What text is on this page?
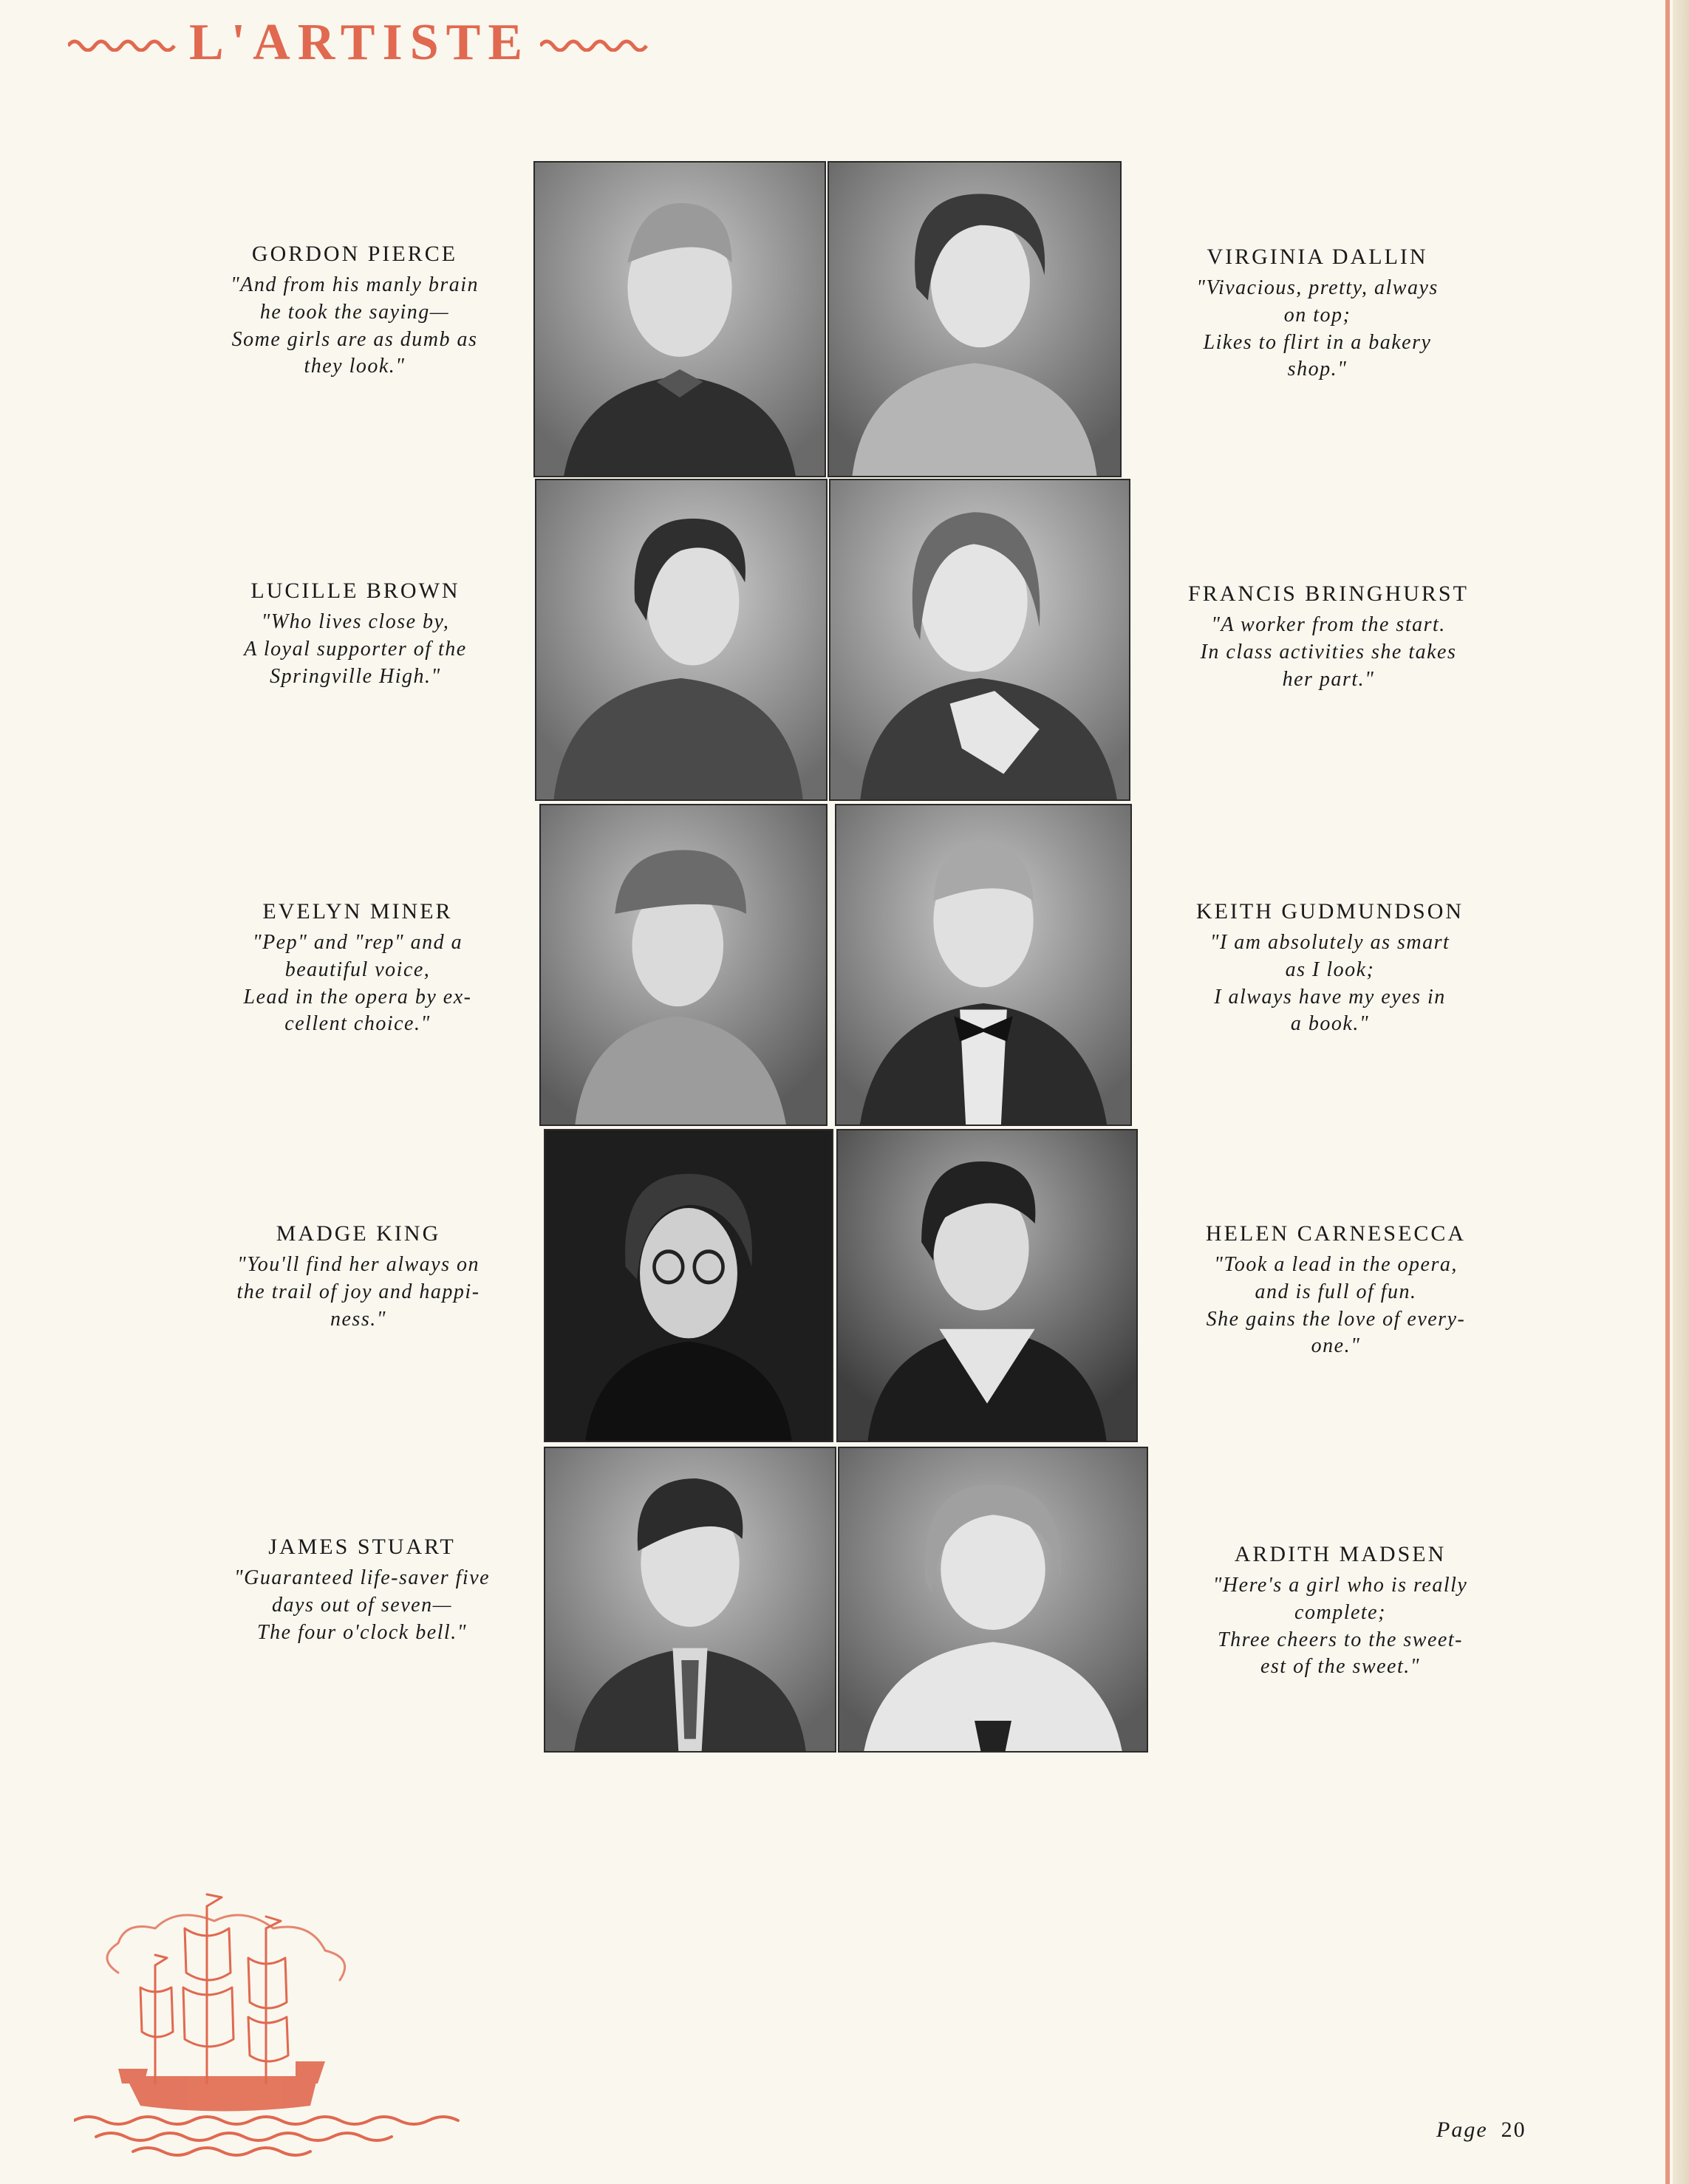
L'ARTISTE
GORDON PIERCE
"And from his manly brain
he took the saying—
Some girls are as dumb as
they look."
LUCILLE BROWN
"Who lives close by,
A loyal supporter of the
Springville High."
EVELYN MINER
"Pep" and "rep" and a
beautiful voice,
Lead in the opera by ex-
cellent choice."
MADGE KING
"You'll find her always on
the trail of joy and happi-
ness."
JAMES STUART
"Guaranteed life-saver five
days out of seven—
The four o'clock bell."
VIRGINIA DALLIN
"Vivacious, pretty, always
on top;
Likes to flirt in a bakery
shop."
FRANCIS BRINGHURST
"A worker from the start.
In class activities she takes
her part."
KEITH GUDMUNDSON
"I am absolutely as smart
as I look;
I always have my eyes in
a book."
HELEN CARNESECCA
"Took a lead in the opera,
and is full of fun.
She gains the love of every-
one."
ARDITH MADSEN
"Here's a girl who is really
complete;
Three cheers to the sweet-
est of the sweet."
Page 20
